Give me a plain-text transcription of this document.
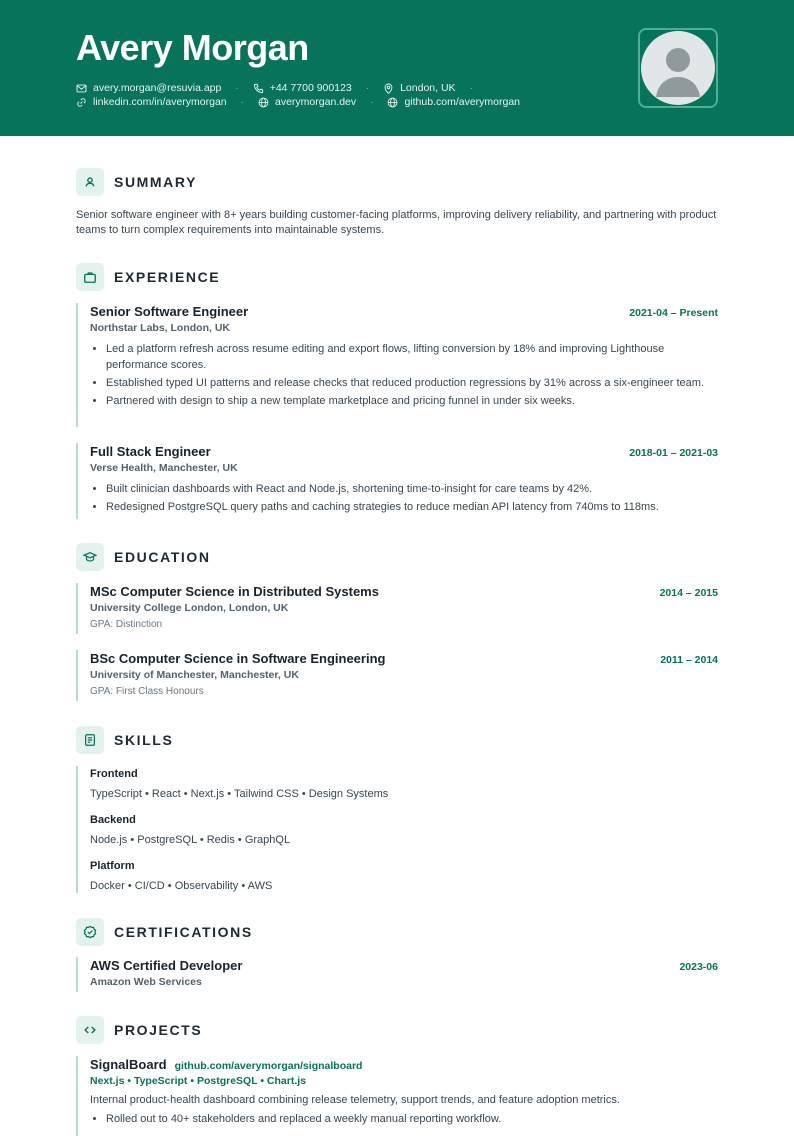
Avery Morgan
avery.morgan@resuvia.app ·	+44 7700 900123 ·	London, UK ·
linkedin.com/in/averymorgan ·	averymorgan.dev ·	github.com/averymorgan
SUMMARY
Senior software engineer with 8+ years building customer-facing platforms, improving delivery reliability, and partnering with product teams to turn complex requirements into maintainable systems.
EXPERIENCE
Senior Software Engineer	2021-04 – Present
Northstar Labs, London, UK
• Led a platform refresh across resume editing and export flows, lifting conversion by 18% and improving Lighthouse performance scores.
• Established typed UI patterns and release checks that reduced production regressions by 31% across a six-engineer team.
• Partnered with design to ship a new template marketplace and pricing funnel in under six weeks.
Full Stack Engineer	2018-01 – 2021-03
Verse Health, Manchester, UK
• Built clinician dashboards with React and Node.js, shortening time-to-insight for care teams by 42%.
• Redesigned PostgreSQL query paths and caching strategies to reduce median API latency from 740ms to 118ms.
EDUCATION
MSc Computer Science in Distributed Systems	2014 – 2015
University College London, London, UK
GPA: Distinction
BSc Computer Science in Software Engineering	2011 – 2014
University of Manchester, Manchester, UK
GPA: First Class Honours
SKILLS
Frontend
TypeScript • React • Next.js • Tailwind CSS • Design Systems
Backend
Node.js • PostgreSQL • Redis • GraphQL
Platform
Docker • CI/CD • Observability • AWS
CERTIFICATIONS
AWS Certified Developer	2023-06
Amazon Web Services
PROJECTS
SignalBoard github.com/averymorgan/signalboard
Next.js • TypeScript • PostgreSQL • Chart.js
Internal product-health dashboard combining release telemetry, support trends, and feature adoption metrics.
• Rolled out to 40+ stakeholders and replaced a weekly manual reporting workflow.
